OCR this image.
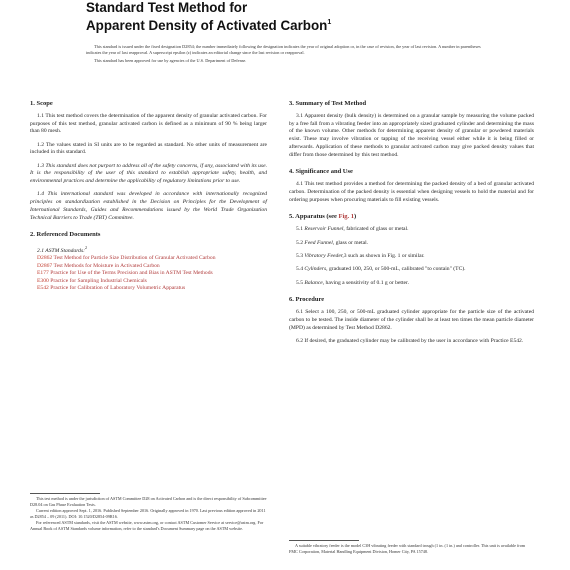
Standard Test Method for
Apparent Density of Activated Carbon$^1$

This standard is issued under the fixed designation D2854; the number immediately following the designation indicates the year of original adoption or, in the case of revision, the year of last revision. A number in parentheses indicates the year of last reapproval. A superscript epsilon (ε) indicates an editorial change since the last revision or reapproval.

This standard has been approved for use by agencies of the U.S. Department of Defense.

1. Scope

1.1 This test method covers the determination of the apparent density of granular activated carbon. For purposes of this test method, granular activated carbon is defined as a minimum of 90 % being larger than 80 mesh.

1.2 The values stated in SI units are to be regarded as standard. No other units of measurement are included in this standard.

1.3 This standard does not purport to address all of the safety concerns, if any, associated with its use. It is the responsibility of the user of this standard to establish appropriate safety, health, and environmental practices and determine the applicability of regulatory limitations prior to use.

1.4 This international standard was developed in accordance with internationally recognized principles on standardization established in the Decision on Principles for the Development of International Standards, Guides and Recommendations issued by the World Trade Organization Technical Barriers to Trade (TBT) Committee.

2. Referenced Documents

2.1 ASTM Standards:$^2$

D2862 Test Method for Particle Size Distribution of Granular Activated Carbon

D2867 Test Methods for Moisture in Activated Carbon

E177 Practice for Use of the Terms Precision and Bias in ASTM Test Methods

E300 Practice for Sampling Industrial Chemicals

E542 Practice for Calibration of Laboratory Volumetric Apparatus

3. Summary of Test Method

3.1 Apparent density (bulk density) is determined on a granular sample by measuring the volume packed by a free fall from a vibrating feeder into an appropriately sized graduated cylinder and determining the mass of the known volume. Other methods for determining apparent density of granular or powdered materials exist. These may involve vibration or tapping of the receiving vessel either while it is being filled or afterwards. Application of these methods to granular activated carbon may give packed density values that differ from those determined by this test method.

4. Significance and Use

4.1 This test method provides a method for determining the packed density of a bed of granular activated carbon. Determination of the packed density is essential when designing vessels to hold the material and for ordering purposes when procuring materials to fill existing vessels.

5. Apparatus (see Fig. 1)

5.1 Reservoir Funnel, fabricated of glass or metal.

5.2 Feed Funnel, glass or metal.

5.3 Vibratory Feeder,3 such as shown in Fig. 1 or similar.

5.4 Cylinders, graduated 100, 250, or 500-mL, calibrated "to contain" (TC).

5.5 Balance, having a sensitivity of 0.1 g or better.

6. Procedure

6.1 Select a 100, 250, or 500-mL graduated cylinder appropriate for the particle size of the activated carbon to be tested. The inside diameter of the cylinder shall be at least ten times the mean particle diameter (MPD) as determined by Test Method D2862.

6.2 If desired, the graduated cylinder may be calibrated by the user in accordance with Practice E542.

This test method is under the jurisdiction of ASTM Committee D28 on Activated Carbon and is the direct responsibility of Subcommittee D28.04 on Gas Phase Evaluation Tests.

Current edition approved Sept. 1, 2016. Published September 2016. Originally approved in 1970. Last previous edition approved in 2011 as D2854 – 09 (2011). DOI: 10.1520/D2854-09R16.

For referenced ASTM standards, visit the ASTM website, www.astm.org, or contact ASTM Customer Service at service@astm.org. For Annual Book of ASTM Standards volume information, refer to the standard's Document Summary page on the ASTM website.

A suitable vibratory feeder is the model C3H vibrating feeder with standard trough (1 in. (1 in.) and controller. This unit is available from FMC Corporation, Material Handling Equipment Division, Homer City, PA 15748.
